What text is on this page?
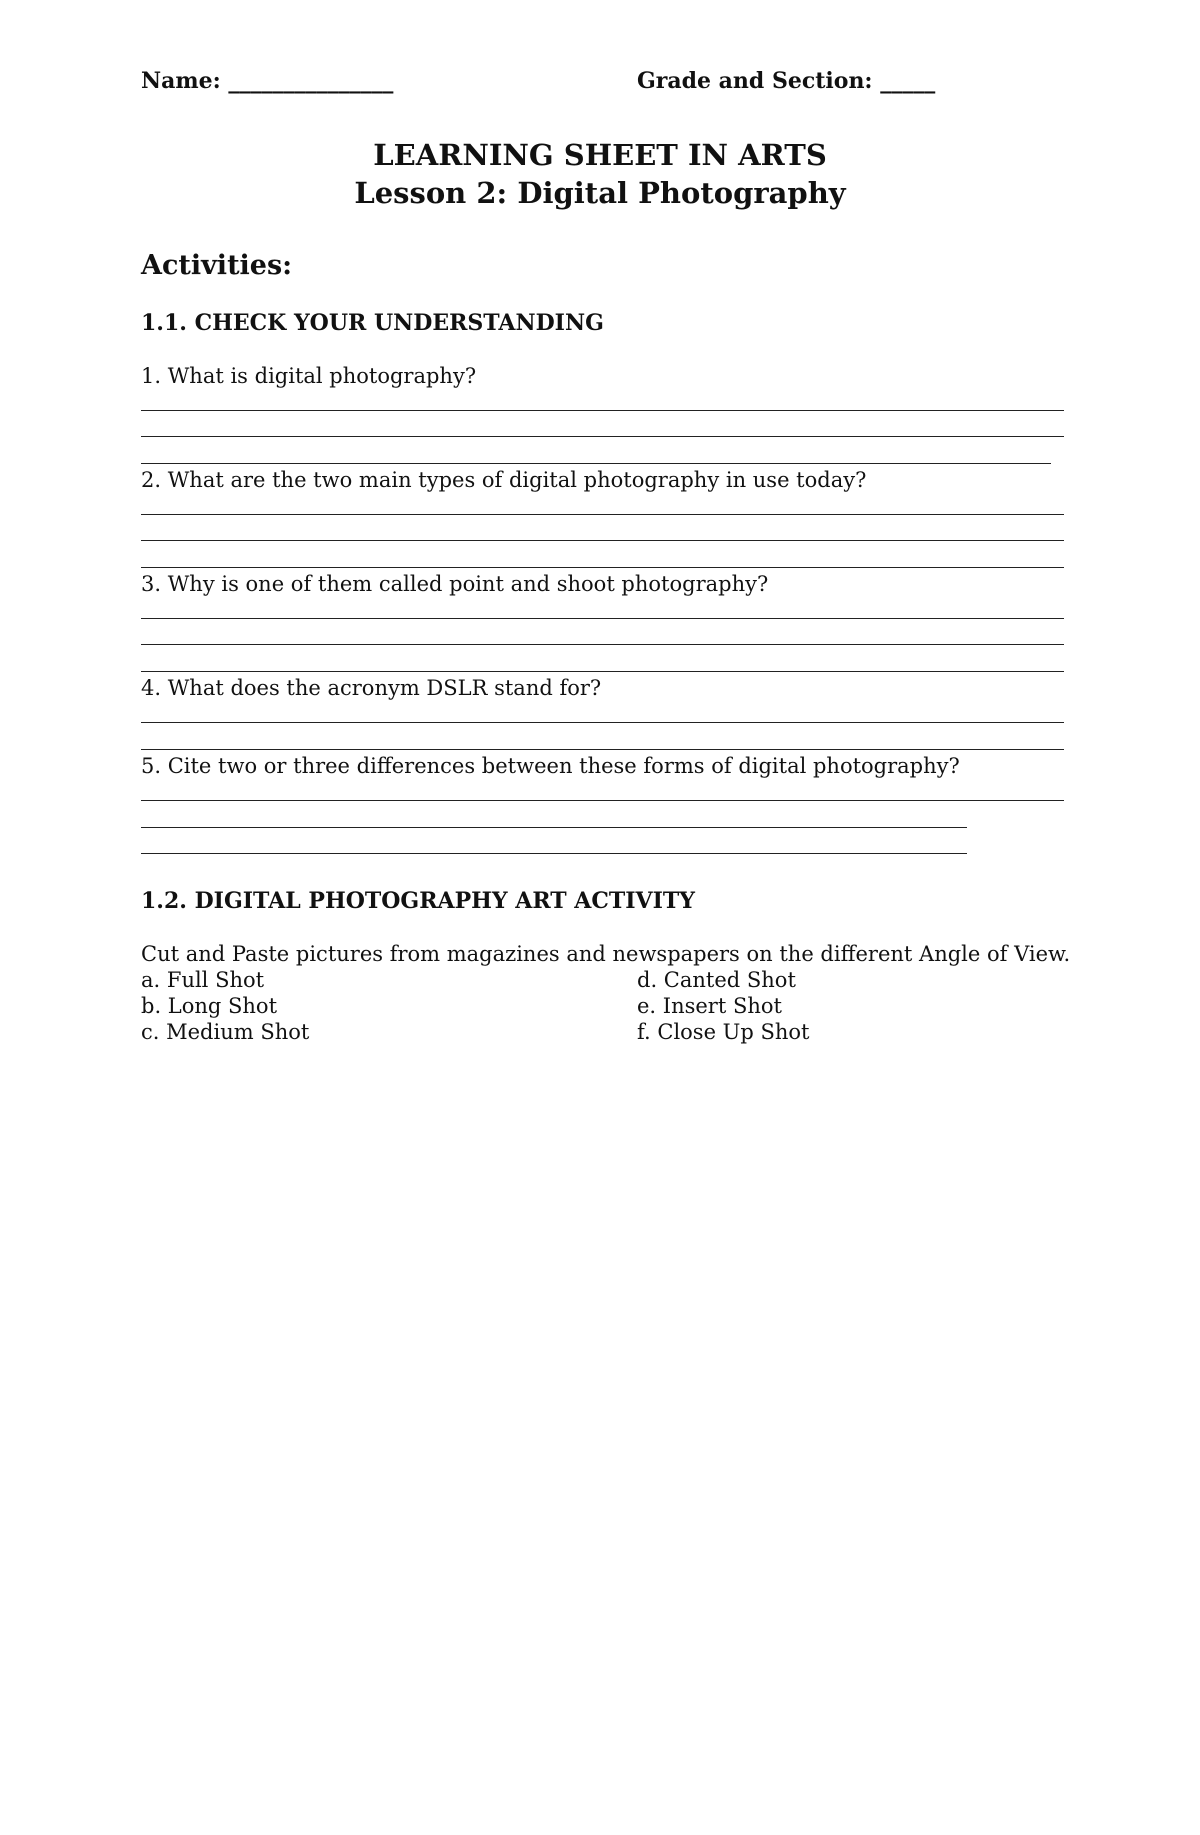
Name: _______________	Grade and Section: _____
LEARNING SHEET IN ARTS
Lesson 2: Digital Photography
Activities:
1.1. CHECK YOUR UNDERSTANDING
1. What is digital photography?
2. What are the two main types of digital photography in use today?
3. Why is one of them called point and shoot photography?
4. What does the acronym DSLR stand for?
5. Cite two or three differences between these forms of digital photography?
1.2. DIGITAL PHOTOGRAPHY ART ACTIVITY
Cut and Paste pictures from magazines and newspapers on the different Angle of View.
a. Full Shot
b. Long Shot
c. Medium Shot
d. Canted Shot
e. Insert Shot
f. Close Up Shot
